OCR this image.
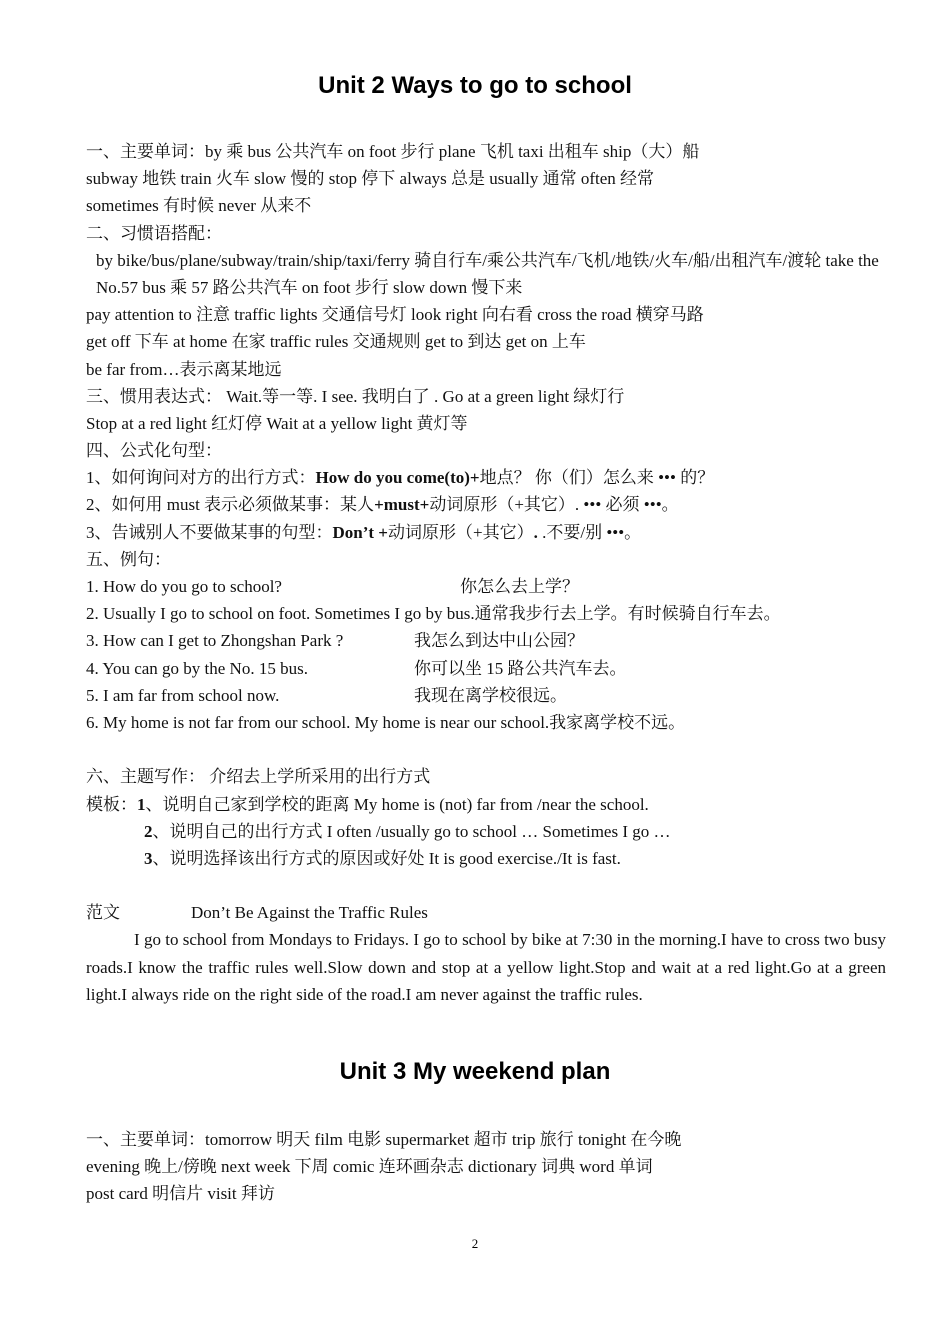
Unit 2 Ways to go to school
一、主要单词：by 乘 bus 公共汽车 on foot 步行 plane 飞机 taxi 出租车 ship（大）船
subway 地铁 train 火车 slow 慢的 stop 停下 always 总是 usually 通常 often 经常
sometimes 有时候 never 从来不
二、习惯语搭配：
by bike/bus/plane/subway/train/ship/taxi/ferry 骑自行车/乘公共汽车/飞机/地铁/火车/船/出租汽车/渡轮 take the No.57 bus 乘 57 路公共汽车 on foot 步行 slow down 慢下来
pay attention to 注意 traffic lights 交通信号灯 look right 向右看 cross the road 横穿马路
get off 下车 at home 在家 traffic rules 交通规则 get to 到达 get on 上车
be far from…表示离某地远
三、惯用表达式： Wait.等一等. I see. 我明白了 . Go at a green light 绿灯行
Stop at a red light 红灯停 Wait at a yellow light 黄灯等
四、公式化句型：
1、如何询问对方的出行方式：How do you come(to)+地点？ 你（们）怎么来 ••• 的？
2、如何用 must 表示必须做某事：某人+must+动词原形（+其它）. ••• 必须 •••。
3、告诫别人不要做某事的句型：Don’t +动词原形（+其它）. .不要/别 •••。
五、例句：
1. How do you go to school?	你怎么去上学？
2. Usually I go to school on foot. Sometimes I go by bus.通常我步行去上学。有时候骑自行车去。
3. How can I get to Zhongshan Park ?	我怎么到达中山公园？
4. You can go by the No. 15 bus.	你可以坐 15 路公共汽车去。
5. I am far from school now.	我现在离学校很远。
6. My home is not far from our school. My home is near our school.我家离学校不远。
六、主题写作： 介绍去上学所采用的出行方式
模板：1、说明自己家到学校的距离 My home is (not) far from /near the school.
2、说明自己的出行方式 I often /usually go to school … Sometimes I go …
3、说明选择该出行方式的原因或好处 It is good exercise./It is fast.
范文	Don’t Be Against the Traffic Rules
I go to school from Mondays to Fridays. I go to school by bike at 7:30 in the morning.I have to cross two busy roads.I know the traffic rules well.Slow down and stop at a yellow light.Stop and wait at a red light.Go at a green light.I always ride on the right side of the road.I am never against the traffic rules.
Unit 3 My weekend plan
一、主要单词：tomorrow 明天 film 电影 supermarket 超市 trip 旅行 tonight 在今晚
evening 晚上/傍晚 next week 下周 comic 连环画杂志 dictionary 词典 word 单词
post card 明信片 visit 拜访
2
